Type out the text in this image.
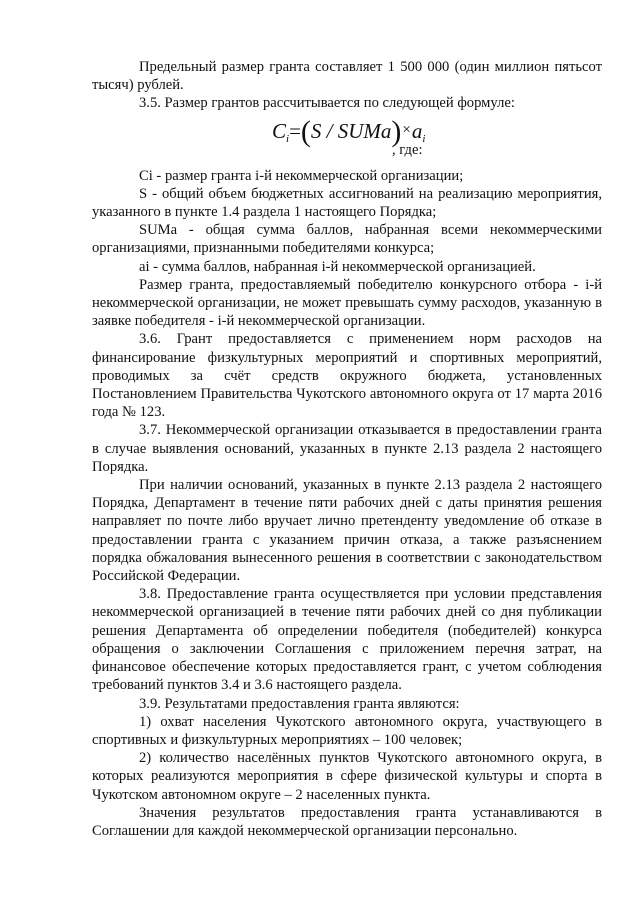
Предельный размер гранта составляет 1 500 000 (один миллион пятьсот тысяч) рублей.

3.5. Размер грантов рассчитывается по следующей формуле:

$C_i=(S$ / $SUMa)\times a_i$
, где:

Ci - размер гранта i-й некоммерческой организации;

S - общий объем бюджетных ассигнований на реализацию мероприятия, указанного в пункте 1.4 раздела 1 настоящего Порядка;

SUMa - общая сумма баллов, набранная всеми некоммерческими организациями, признанными победителями конкурса;

ai - сумма баллов, набранная i-й некоммерческой организацией.

Размер гранта, предоставляемый победителю конкурсного отбора - i-й некоммерческой организации, не может превышать сумму расходов, указанную в заявке победителя - i-й некоммерческой организации.

3.6. Грант предоставляется с применением норм расходов на финансирование физкультурных мероприятий и спортивных мероприятий, проводимых за счёт средств окружного бюджета, установленных Постановлением Правительства Чукотского автономного округа от 17 марта 2016 года № 123.

3.7. Некоммерческой организации отказывается в предоставлении гранта в случае выявления оснований, указанных в пункте 2.13 раздела 2 настоящего Порядка.

При наличии оснований, указанных в пункте 2.13 раздела 2 настоящего Порядка, Департамент в течение пяти рабочих дней с даты принятия решения направляет по почте либо вручает лично претенденту уведомление об отказе в предоставлении гранта с указанием причин отказа, а также разъяснением порядка обжалования вынесенного решения в соответствии с законодательством Российской Федерации.

3.8. Предоставление гранта осуществляется при условии представления некоммерческой организацией в течение пяти рабочих дней со дня публикации решения Департамента об определении победителя (победителей) конкурса обращения о заключении Соглашения с приложением перечня затрат, на финансовое обеспечение которых предоставляется грант, с учетом соблюдения требований пунктов 3.4 и 3.6 настоящего раздела.

3.9. Результатами предоставления гранта являются:

1) охват населения Чукотского автономного округа, участвующего в спортивных и физкультурных мероприятиях – 100 человек;

2) количество населённых пунктов Чукотского автономного округа, в которых реализуются мероприятия в сфере физической культуры и спорта в Чукотском автономном округе – 2 населенных пункта.

Значения результатов предоставления гранта устанавливаются в Соглашении для каждой некоммерческой организации персонально.
